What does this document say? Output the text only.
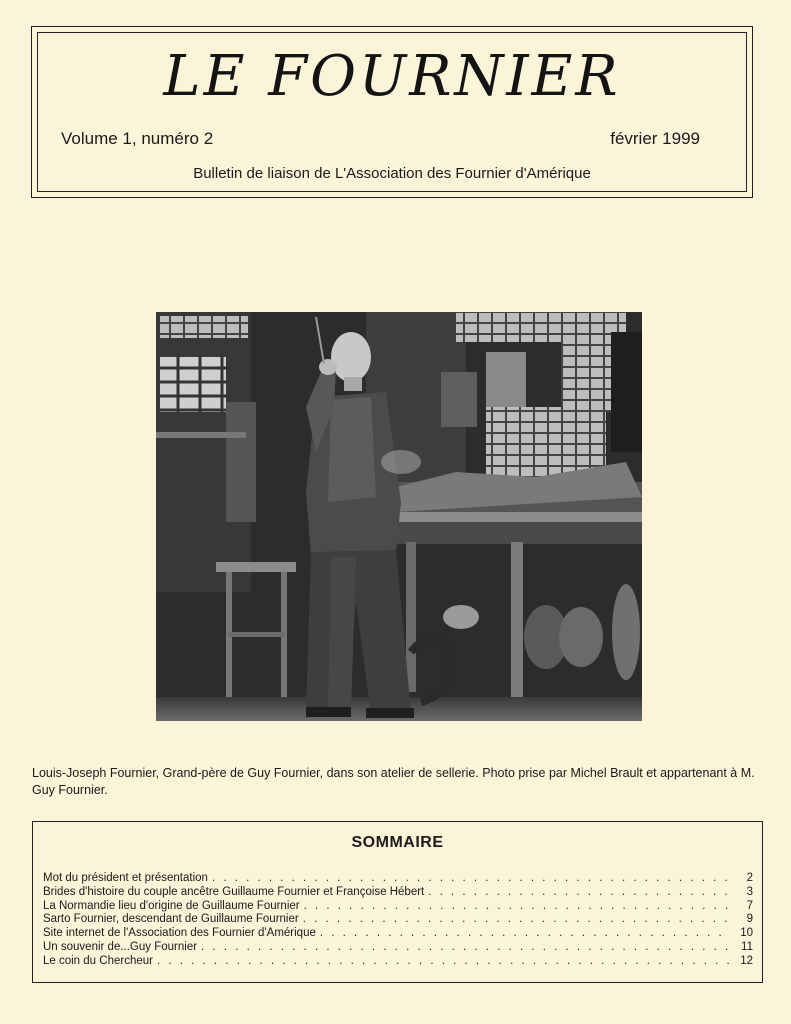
LE FOURNIER
Volume 1, numéro 2	février 1999
Bulletin de liaison de L'Association des Fournier d'Amérique
Louis-Joseph Fournier, Grand-père de Guy Fournier, dans son atelier de sellerie. Photo prise par Michel Brault et appartenant à M. Guy Fournier.
SOMMAIRE
Mot du président et présentation . . .	2
Brides d'histoire du couple ancêtre Guillaume Fournier et Françoise Hébert . . .	3
La Normandie lieu d'origine de Guillaume Fournier . . .	7
Sarto Fournier, descendant de Guillaume Fournier . . .	9
Site internet de l'Association des Fournier d'Amérique . . .	10
Un souvenir de...Guy Fournier . . .	11
Le coin du Chercheur . . .	12
